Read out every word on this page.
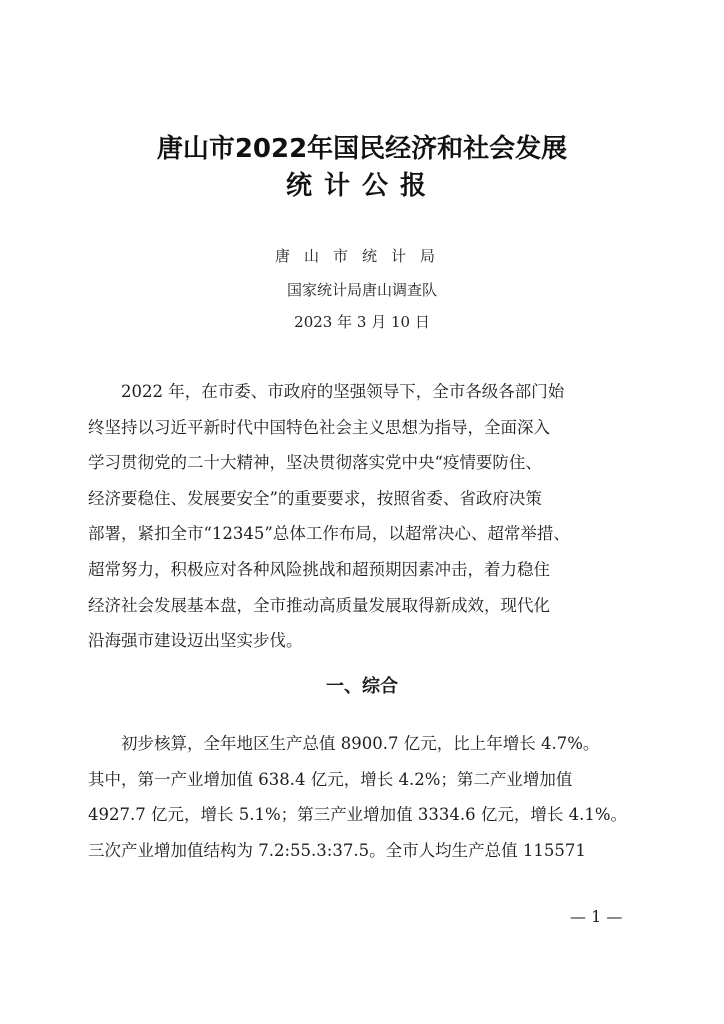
唐山市2022年国民经济和社会发展
统计公报
唐山市统计局
国家统计局唐山调查队
2023 年 3 月 10 日
　　2022 年，在市委、市政府的坚强领导下，全市各级各部门始
终坚持以习近平新时代中国特色社会主义思想为指导，全面深入
学习贯彻党的二十大精神，坚决贯彻落实党中央“疫情要防住、
经济要稳住、发展要安全”的重要要求，按照省委、省政府决策
部署，紧扣全市“12345”总体工作布局，以超常决心、超常举措、
超常努力，积极应对各种风险挑战和超预期因素冲击，着力稳住
经济社会发展基本盘，全市推动高质量发展取得新成效，现代化
沿海强市建设迈出坚实步伐。
一、综合
　　初步核算，全年地区生产总值 8900.7 亿元，比上年增长 4.7%。
其中，第一产业增加值 638.4 亿元，增长 4.2%；第二产业增加值
4927.7 亿元，增长 5.1%；第三产业增加值 3334.6 亿元，增长 4.1%。
三次产业增加值结构为 7.2:55.3:37.5。全市人均生产总值 115571
— 1 —
